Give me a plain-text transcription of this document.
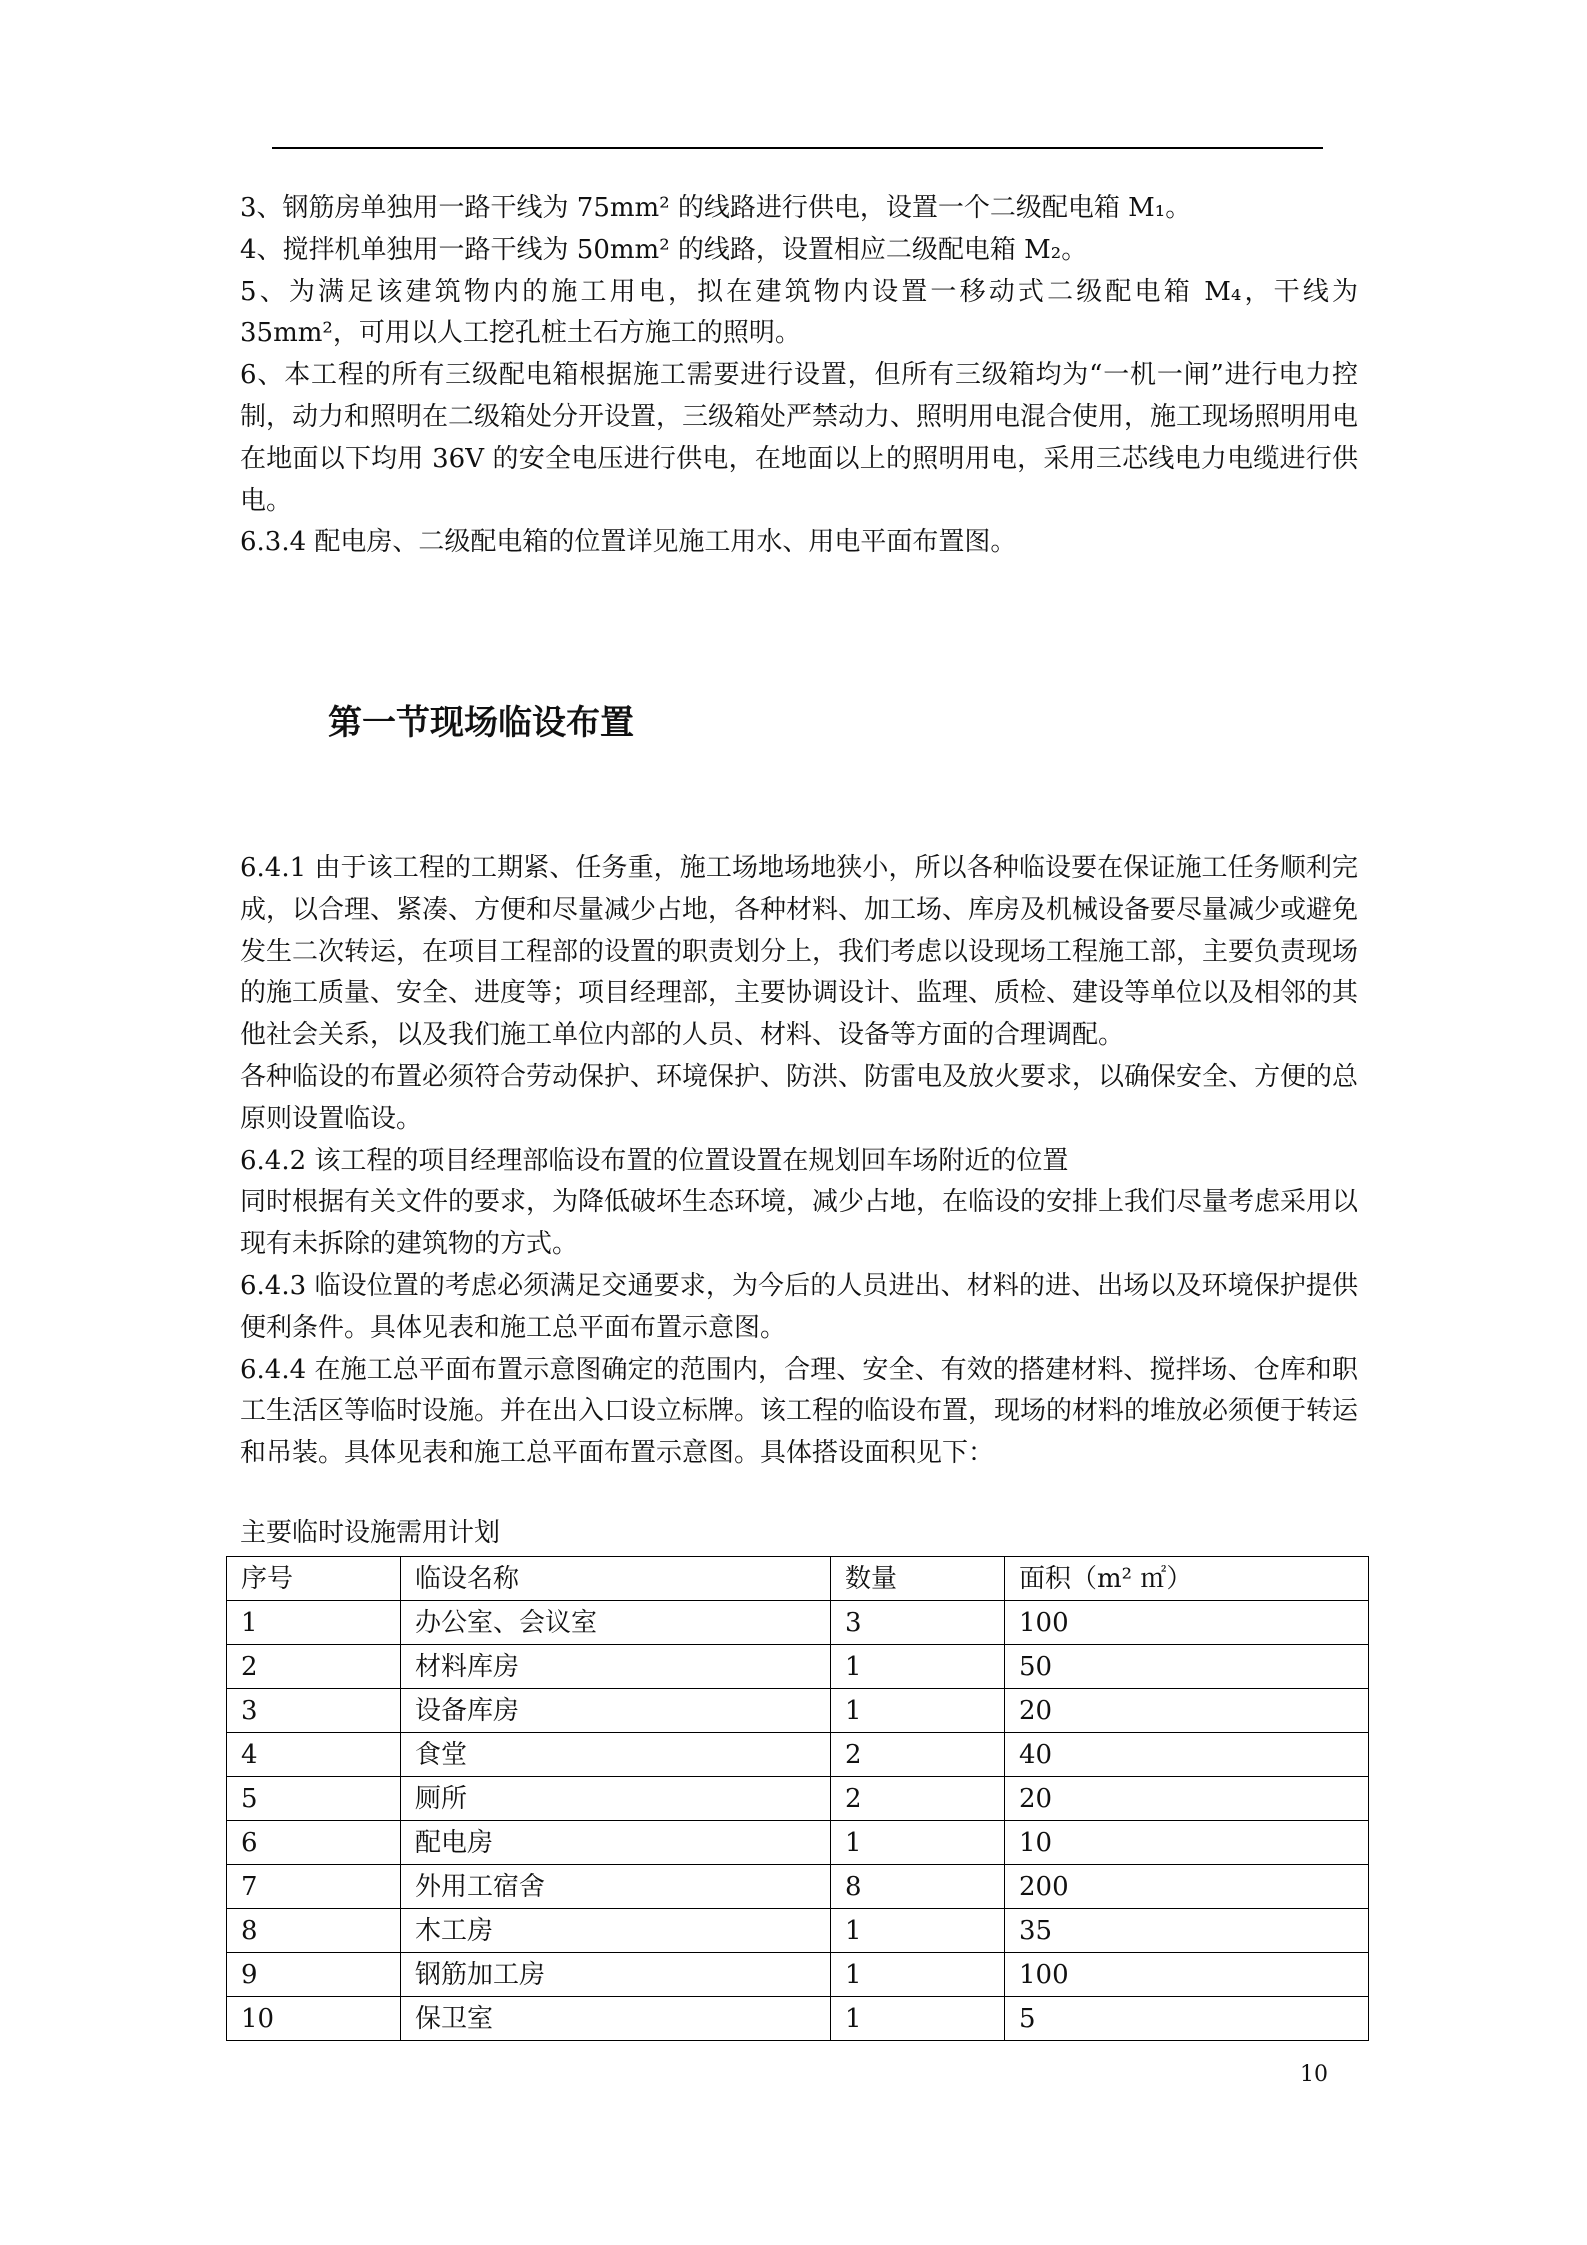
3、钢筋房单独用一路干线为 75mm² 的线路进行供电，设置一个二级配电箱 M₁。

4、搅拌机单独用一路干线为 50mm² 的线路，设置相应二级配电箱 M₂。

5、为满足该建筑物内的施工用电，拟在建筑物内设置一移动式二级配电箱 M₄，干线为 35mm²，可用以人工挖孔桩土石方施工的照明。

6、本工程的所有三级配电箱根据施工需要进行设置，但所有三级箱均为“一机一闸”进行电力控制，动力和照明在二级箱处分开设置，三级箱处严禁动力、照明用电混合使用，施工现场照明用电在地面以下均用 36V 的安全电压进行供电，在地面以上的照明用电，采用三芯线电力电缆进行供电。

6.3.4 配电房、二级配电箱的位置详见施工用水、用电平面布置图。

第一节现场临设布置

6.4.1 由于该工程的工期紧、任务重，施工场地场地狭小，所以各种临设要在保证施工任务顺利完成，以合理、紧凑、方便和尽量减少占地，各种材料、加工场、库房及机械设备要尽量减少或避免发生二次转运，在项目工程部的设置的职责划分上，我们考虑以设现场工程施工部，主要负责现场的施工质量、安全、进度等；项目经理部，主要协调设计、监理、质检、建设等单位以及相邻的其他社会关系，以及我们施工单位内部的人员、材料、设备等方面的合理调配。

各种临设的布置必须符合劳动保护、环境保护、防洪、防雷电及放火要求，以确保安全、方便的总原则设置临设。

6.4.2 该工程的项目经理部临设布置的位置设置在规划回车场附近的位置

同时根据有关文件的要求，为降低破坏生态环境，减少占地，在临设的安排上我们尽量考虑采用以现有未拆除的建筑物的方式。

6.4.3 临设位置的考虑必须满足交通要求，为今后的人员进出、材料的进、出场以及环境保护提供便利条件。具体见表和施工总平面布置示意图。

6.4.4 在施工总平面布置示意图确定的范围内，合理、安全、有效的搭建材料、搅拌场、仓库和职工生活区等临时设施。并在出入口设立标牌。该工程的临设布置，现场的材料的堆放必须便于转运和吊装。具体见表和施工总平面布置示意图。具体搭设面积见下：

主要临时设施需用计划

序号	临设名称	数量	面积（m² ㎡）
1	办公室、会议室	3	100
2	材料库房	1	50
3	设备库房	1	20
4	食堂	2	40
5	厕所	2	20
6	配电房	1	10
7	外用工宿舍	8	200
8	木工房	1	35
9	钢筋加工房	1	100
10	保卫室	1	5
10
